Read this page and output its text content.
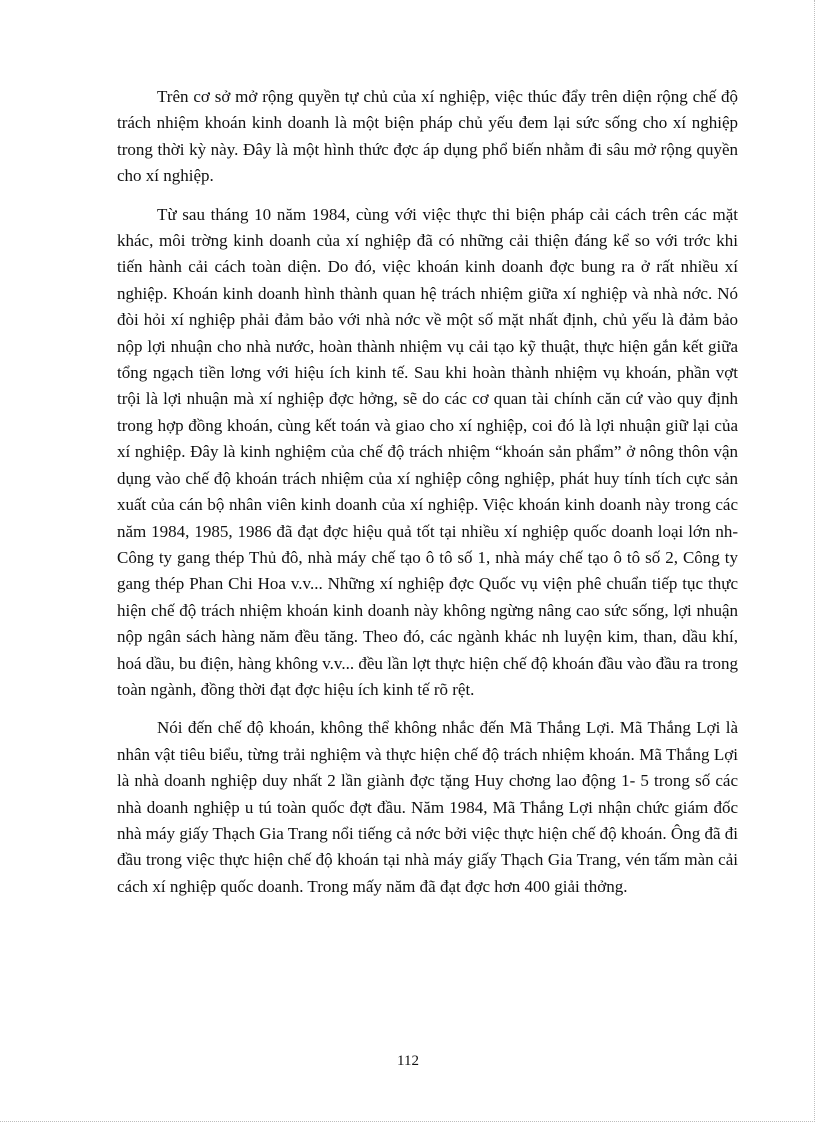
Trên cơ sở mở rộng quyền tự chủ của xí nghiệp, việc thúc đẩy trên diện rộng chế độ trách nhiệm khoán kinh doanh là một biện pháp chủ yếu đem lại sức sống cho xí nghiệp trong thời kỳ này. Đây là một hình thức đợc áp dụng phổ biến nhằm đi sâu mở rộng quyền cho xí nghiệp.

Từ sau tháng 10 năm 1984, cùng với việc thực thi biện pháp cải cách trên các mặt khác, môi trờng kinh doanh của xí nghiệp đã có những cải thiện đáng kể so với trớc khi tiến hành cải cách toàn diện. Do đó, việc khoán kinh doanh đợc bung ra ở rất nhiều xí nghiệp. Khoán kinh doanh hình thành quan hệ trách nhiệm giữa xí nghiệp và nhà nớc. Nó đòi hỏi xí nghiệp phải đảm bảo với nhà nớc về một số mặt nhất định, chủ yếu là đảm bảo nộp lợi nhuận cho nhà nước, hoàn thành nhiệm vụ cải tạo kỹ thuật, thực hiện gắn kết giữa tổng ngạch tiền lơng với hiệu ích kinh tế. Sau khi hoàn thành nhiệm vụ khoán, phần vợt trội là lợi nhuận mà xí nghiệp đợc hởng, sẽ do các cơ quan tài chính căn cứ vào quy định trong hợp đồng khoán, cùng kết toán và giao cho xí nghiệp, coi đó là lợi nhuận giữ lại của xí nghiệp. Đây là kinh nghiệm của chế độ trách nhiệm “khoán sản phẩm” ở nông thôn vận dụng vào chế độ khoán trách nhiệm của xí nghiệp công nghiệp, phát huy tính tích cực sản xuất của cán bộ nhân viên kinh doanh của xí nghiệp. Việc khoán kinh doanh này trong các năm 1984, 1985, 1986 đã đạt đợc hiệu quả tốt tại nhiều xí nghiệp quốc doanh loại lớn nh Công ty gang thép Thủ đô, nhà máy chế tạo ô tô số 1, nhà máy chế tạo ô tô số 2, Công ty gang thép Phan Chi Hoa v.v... Những xí nghiệp đợc Quốc vụ viện phê chuẩn tiếp tục thực hiện chế độ trách nhiệm khoán kinh doanh này không ngừng nâng cao sức sống, lợi nhuận nộp ngân sách hàng năm đều tăng. Theo đó, các ngành khác nh luyện kim, than, dầu khí, hoá dầu, bu điện, hàng không v.v... đều lần lợt thực hiện chế độ khoán đầu vào đầu ra trong toàn ngành, đồng thời đạt đợc hiệu ích kinh tế rõ rệt.

Nói đến chế độ khoán, không thể không nhắc đến Mã Thắng Lợi. Mã Thắng Lợi là nhân vật tiêu biểu, từng trải nghiệm và thực hiện chế độ trách nhiệm khoán. Mã Thắng Lợi là nhà doanh nghiệp duy nhất 2 lần giành đợc tặng Huy chơng lao động 1- 5 trong số các nhà doanh nghiệp u tú toàn quốc đợt đầu. Năm 1984, Mã Thắng Lợi nhận chức giám đốc nhà máy giấy Thạch Gia Trang nổi tiếng cả nớc bởi việc thực hiện chế độ khoán. Ông đã đi đầu trong việc thực hiện chế độ khoán tại nhà máy giấy Thạch Gia Trang, vén tấm màn cải cách xí nghiệp quốc doanh. Trong mấy năm đã đạt đợc hơn 400 giải thởng.

112
